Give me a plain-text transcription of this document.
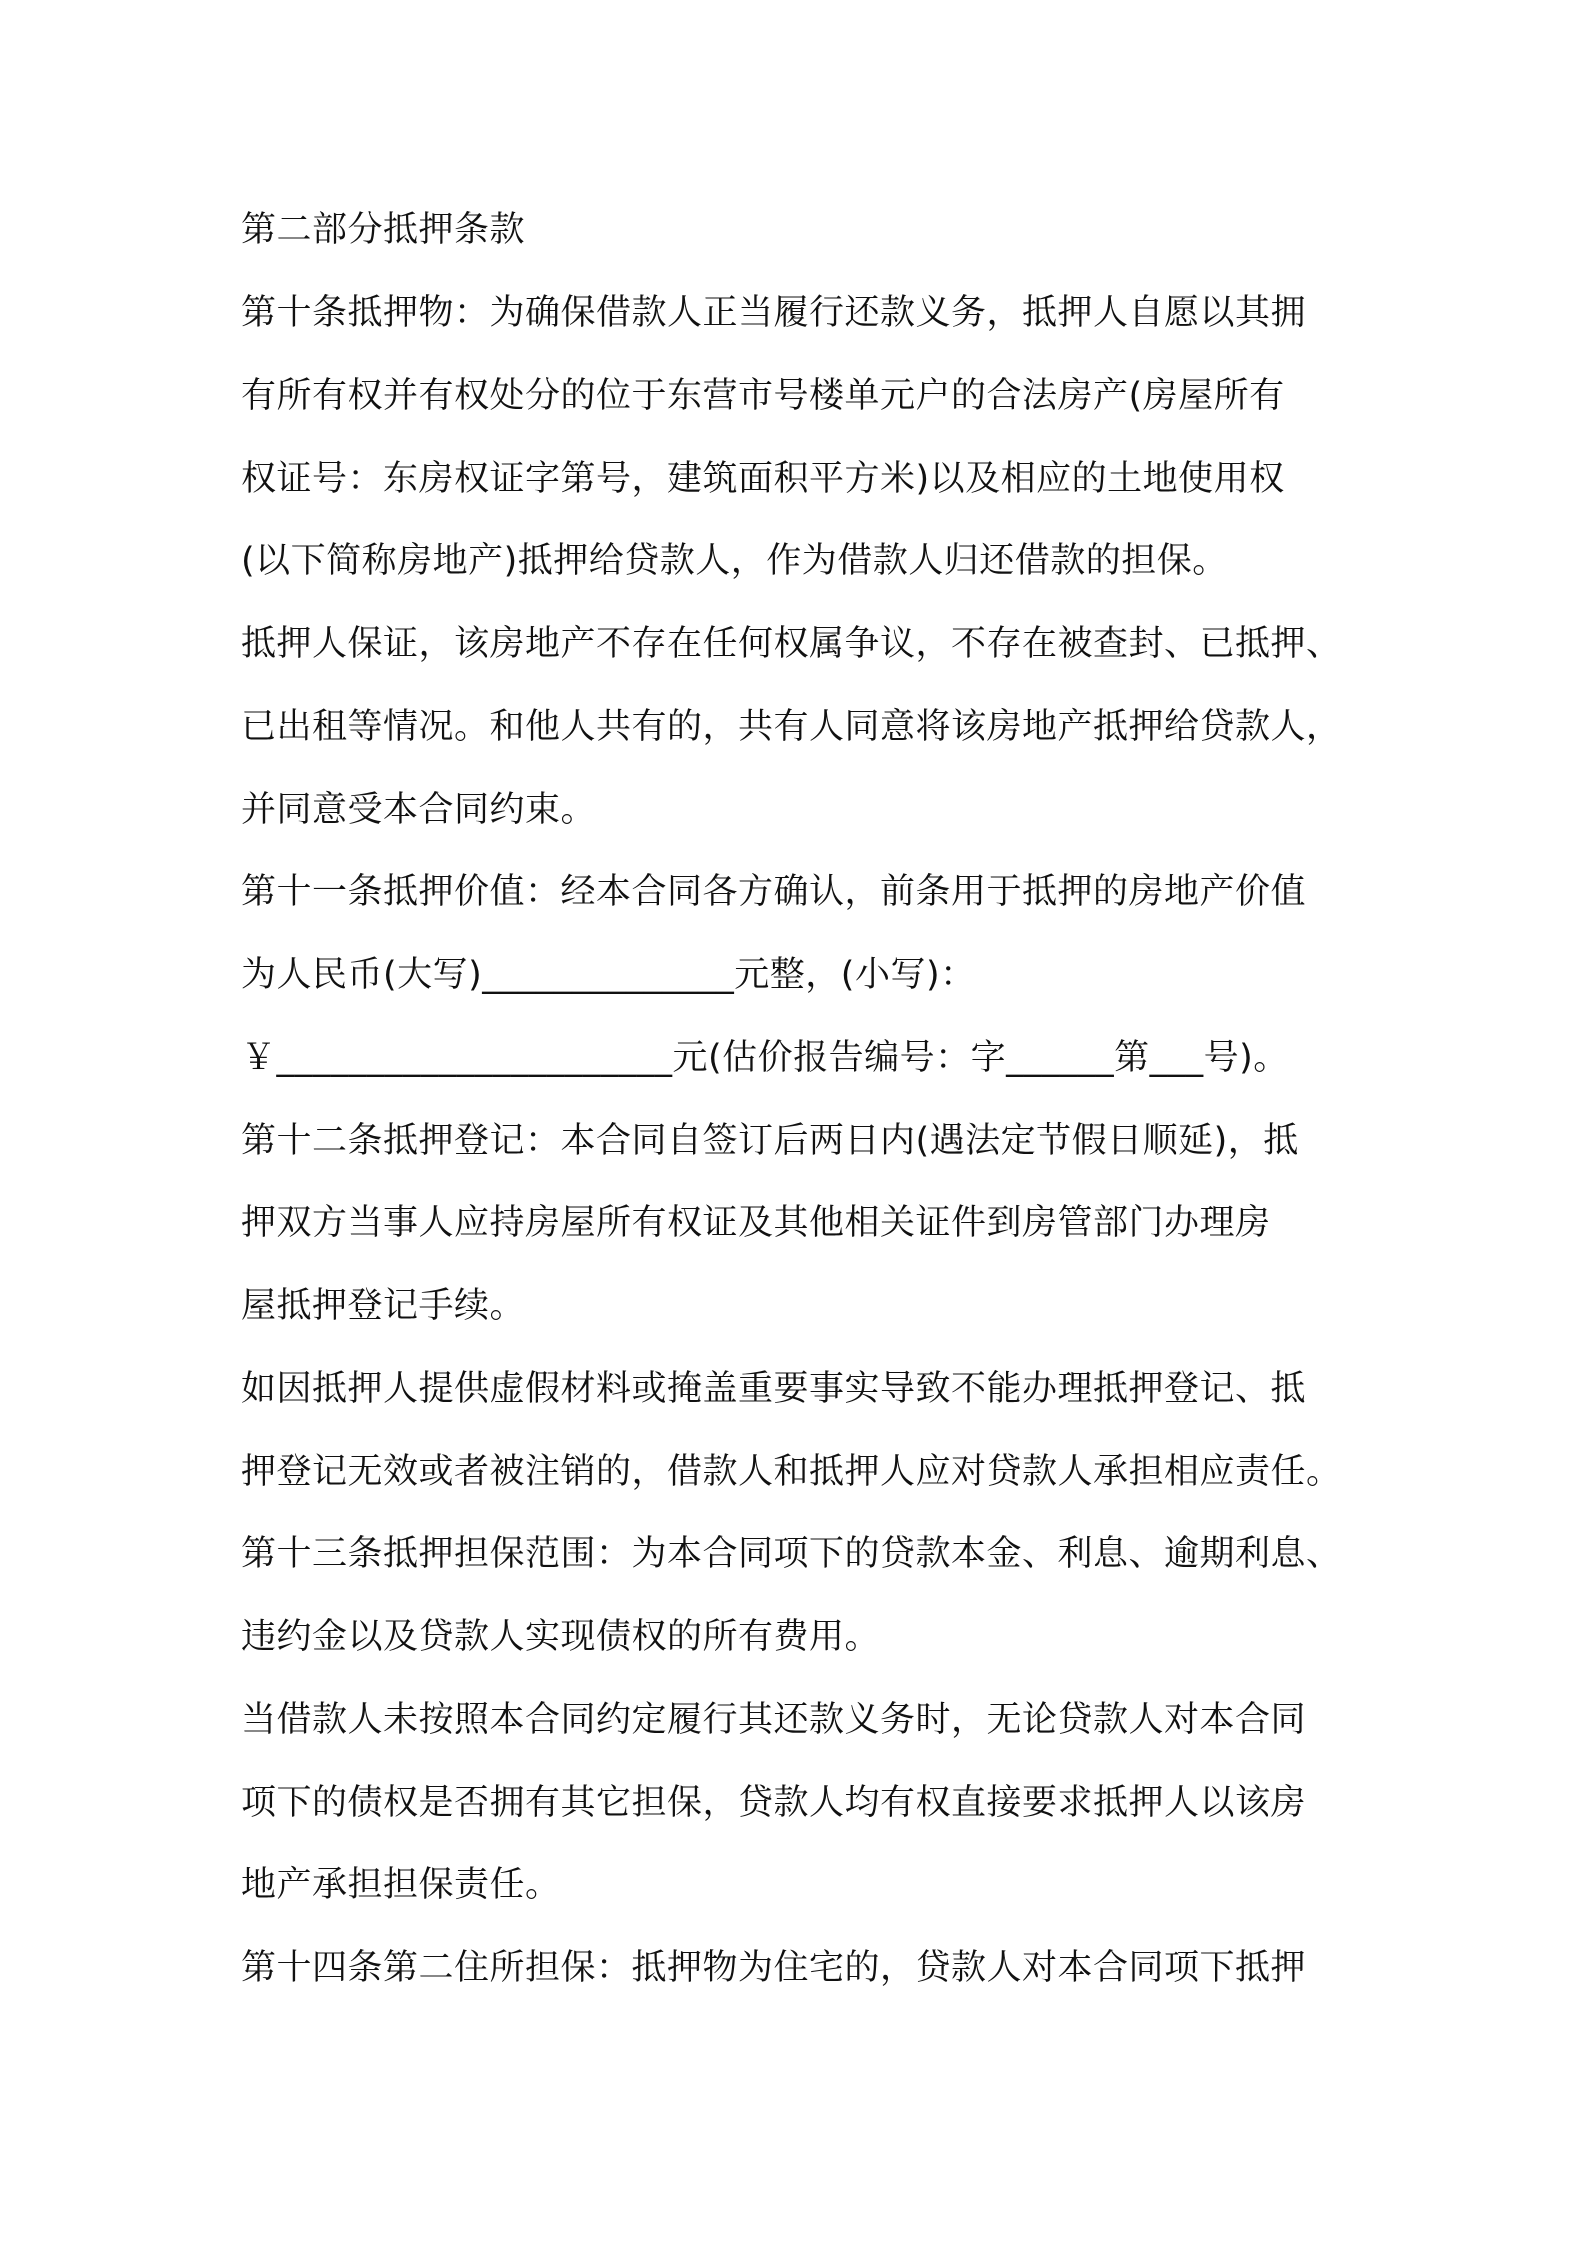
第二部分抵押条款
第十条抵押物：为确保借款人正当履行还款义务，抵押人自愿以其拥
有所有权并有权处分的位于东营市号楼单元户的合法房产(房屋所有
权证号：东房权证字第号，建筑面积平方米)以及相应的土地使用权
(以下简称房地产)抵押给贷款人，作为借款人归还借款的担保。
抵押人保证，该房地产不存在任何权属争议，不存在被查封、已抵押、
已出租等情况。和他人共有的，共有人同意将该房地产抵押给贷款人，
并同意受本合同约束。
第十一条抵押价值：经本合同各方确认，前条用于抵押的房地产价值
为人民币(大写)______________元整，(小写)：
￥______________________元(估价报告编号：字______第___号)。
第十二条抵押登记：本合同自签订后两日内(遇法定节假日顺延)，抵
押双方当事人应持房屋所有权证及其他相关证件到房管部门办理房
屋抵押登记手续。
如因抵押人提供虚假材料或掩盖重要事实导致不能办理抵押登记、抵
押登记无效或者被注销的，借款人和抵押人应对贷款人承担相应责任。
第十三条抵押担保范围：为本合同项下的贷款本金、利息、逾期利息、
违约金以及贷款人实现债权的所有费用。
当借款人未按照本合同约定履行其还款义务时，无论贷款人对本合同
项下的债权是否拥有其它担保，贷款人均有权直接要求抵押人以该房
地产承担担保责任。
第十四条第二住所担保：抵押物为住宅的，贷款人对本合同项下抵押
